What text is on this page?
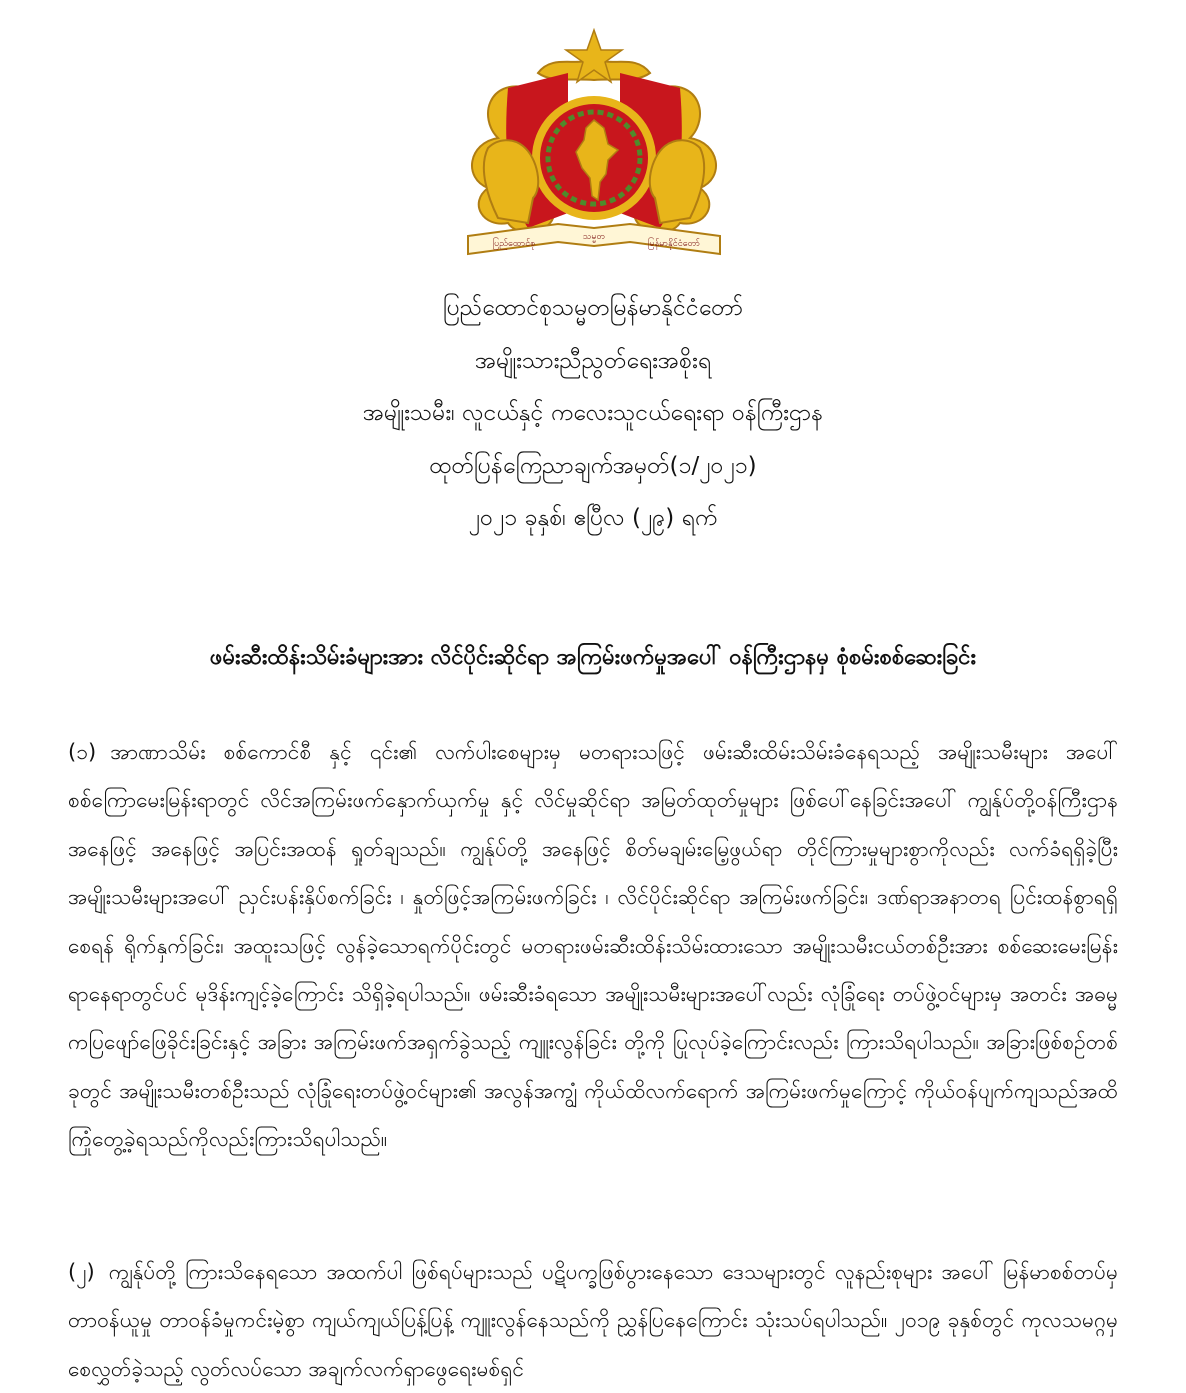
ပြည်ထောင်စု
သမ္မတ
မြန်မာနိုင်ငံတော်

ပြည်ထောင်စုသမ္မတမြန်မာနိုင်ငံတော်

အမျိုးသားညီညွတ်ရေးအစိုးရ

အမျိုးသမီး၊ လူငယ်နှင့် ကလေးသူငယ်ရေးရာ ဝန်ကြီးဌာန

ထုတ်ပြန်ကြေညာချက်အမှတ်(၁/၂၀၂၁)

၂၀၂၁ ခုနှစ်၊ ဧပြီလ (၂၉) ရက်

ဖမ်းဆီးထိန်းသိမ်းခံများအား လိင်ပိုင်းဆိုင်ရာ အကြမ်းဖက်မှုအပေါ် ဝန်ကြီးဌာနမှ စုံစမ်းစစ်ဆေးခြင်း

(၁) အာဏာသိမ်း စစ်ကောင်စီ နှင့် ၎င်း၏ လက်ပါးစေများမှ မတရားသဖြင့် ဖမ်းဆီးထိမ်းသိမ်းခံနေရသည့် အမျိုးသမီးများ အပေါ် စစ်ကြောမေးမြန်းရာတွင် လိင်အကြမ်းဖက်နှောက်ယှက်မှု နှင့် လိင်မှုဆိုင်ရာ အမြတ်ထုတ်မှုများ ဖြစ်ပေါ်နေခြင်းအပေါ် ကျွန်ုပ်တို့ဝန်ကြီးဌာန အနေဖြင့် အနေဖြင့် အပြင်းအထန် ရှုတ်ချသည်။ ကျွန်ုပ်တို့ အနေဖြင့် စိတ်မချမ်းမြေ့ဖွယ်ရာ တိုင်ကြားမှုများစွာကိုလည်း လက်ခံရရှိခဲ့ပြီး အမျိုးသမီးများအပေါ် ညှင်းပန်းနှိပ်စက်ခြင်း ၊ နှုတ်ဖြင့်အကြမ်းဖက်ခြင်း ၊ လိင်ပိုင်းဆိုင်ရာ အကြမ်းဖက်ခြင်း၊ ဒဏ်ရာအနာတရ ပြင်းထန်စွာရရှိစေရန် ရိုက်နှက်ခြင်း၊ အထူးသဖြင့် လွန်ခဲ့သောရက်ပိုင်းတွင် မတရားဖမ်းဆီးထိန်းသိမ်းထားသော အမျိုးသမီးငယ်တစ်ဦးအား စစ်ဆေးမေးမြန်းရာနေရာတွင်ပင် မုဒိန်းကျင့်ခဲ့ကြောင်း သိရှိခဲ့ရပါသည်။ ဖမ်းဆီးခံရသော အမျိုးသမီးများအပေါ်လည်း လုံခြုံရေး တပ်ဖွဲ့ဝင်များမှ အတင်း အဓမ္မ ကပြဖျော်ဖြေခိုင်းခြင်းနှင့် အခြား အကြမ်းဖက်အရှက်ခွဲသည့် ကျူးလွန်ခြင်း တို့ကို ပြုလုပ်ခဲ့ကြောင်းလည်း ကြားသိရပါသည်။ အခြားဖြစ်စဉ်တစ်ခုတွင် အမျိုးသမီးတစ်ဦးသည် လုံခြုံရေးတပ်ဖွဲ့ဝင်များ၏ အလွန်အကျွံ ကိုယ်ထိလက်ရောက် အကြမ်းဖက်မှုကြောင့် ကိုယ်ဝန်ပျက်ကျသည်အထိ ကြုံတွေ့ခဲ့ရသည်ကိုလည်းကြားသိရပါသည်။

(၂) ကျွန်ုပ်တို့ ကြားသိနေရသော အထက်ပါ ဖြစ်ရပ်များသည် ပဋိပက္ခဖြစ်ပွားနေသော ဒေသများတွင် လူနည်းစုများ အပေါ် မြန်မာစစ်တပ်မှ တာဝန်ယူမှု တာဝန်ခံမှုကင်းမဲ့စွာ ကျယ်ကျယ်ပြန့်ပြန့် ကျူးလွန်နေသည်ကို ညွှန်ပြနေကြောင်း သုံးသပ်ရပါသည်။ ၂၀၁၉ ခုနှစ်တွင် ကုလသမဂ္ဂမှ စေလွှတ်ခဲ့သည့် လွတ်လပ်သော အချက်လက်ရှာဖွေရေးမစ်ရှင်
